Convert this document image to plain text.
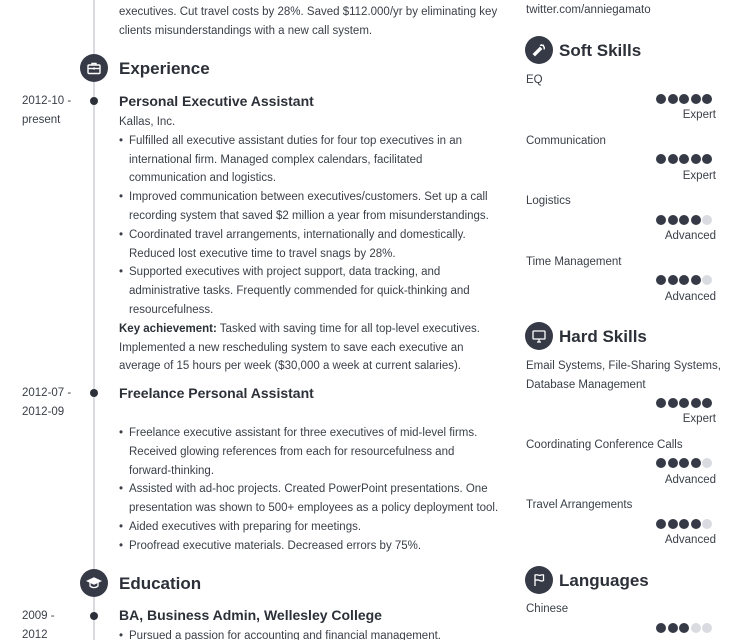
executives. Cut travel costs by 28%. Saved $112.000/yr by eliminating key
clients misunderstandings with a new call system.
Experience
2012-10 -
present
Personal Executive Assistant
Kallas, Inc.
• Fulfilled all executive assistant duties for four top executives in an international firm. Managed complex calendars, facilitated communication and logistics.
• Improved communication between executives/customers. Set up a call recording system that saved $2 million a year from misunderstandings.
• Coordinated travel arrangements, internationally and domestically. Reduced lost executive time to travel snags by 28%.
• Supported executives with project support, data tracking, and administrative tasks. Frequently commended for quick-thinking and resourcefulness.
Key achievement: Tasked with saving time for all top-level executives. Implemented a new rescheduling system to save each executive an average of 15 hours per week ($30,000 a week at current salaries).
2012-07 -
2012-09
Freelance Personal Assistant
• Freelance executive assistant for three executives of mid-level firms. Received glowing references from each for resourcefulness and forward-thinking.
• Assisted with ad-hoc projects. Created PowerPoint presentations. One presentation was shown to 500+ employees as a policy deployment tool.
• Aided executives with preparing for meetings.
• Proofread executive materials. Decreased errors by 75%.
Education
2009 -
2012
BA, Business Admin, Wellesley College
• Pursued a passion for accounting and financial management.
twitter.com/anniegamato
Soft Skills
EQ
Expert
Communication
Expert
Logistics
Advanced
Time Management
Advanced
Hard Skills
Email Systems, File-Sharing Systems, Database Management
Expert
Coordinating Conference Calls
Advanced
Travel Arrangements
Advanced
Languages
Chinese
